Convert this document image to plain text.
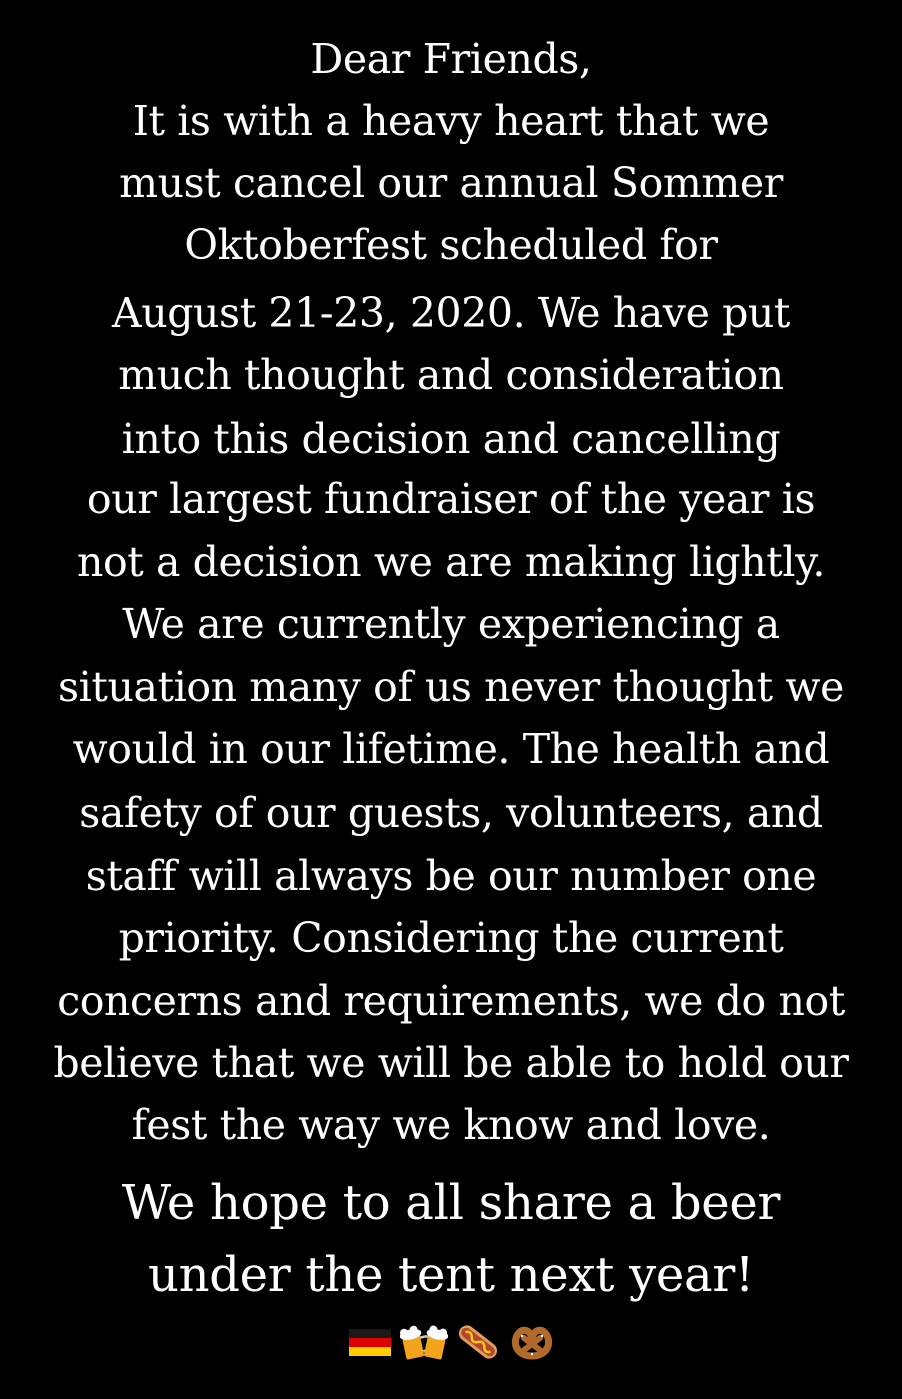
Dear Friends,
It is with a heavy heart that we
must cancel our annual Sommer
Oktoberfest scheduled for
August 21-23, 2020. We have put
much thought and consideration
into this decision and cancelling
our largest fundraiser of the year is
not a decision we are making lightly.
We are currently experiencing a
situation many of us never thought we
would in our lifetime. The health and
safety of our guests, volunteers, and
staff will always be our number one
priority. Considering the current
concerns and requirements, we do not
believe that we will be able to hold our
fest the way we know and love.
We hope to all share a beer
under the tent next year!
